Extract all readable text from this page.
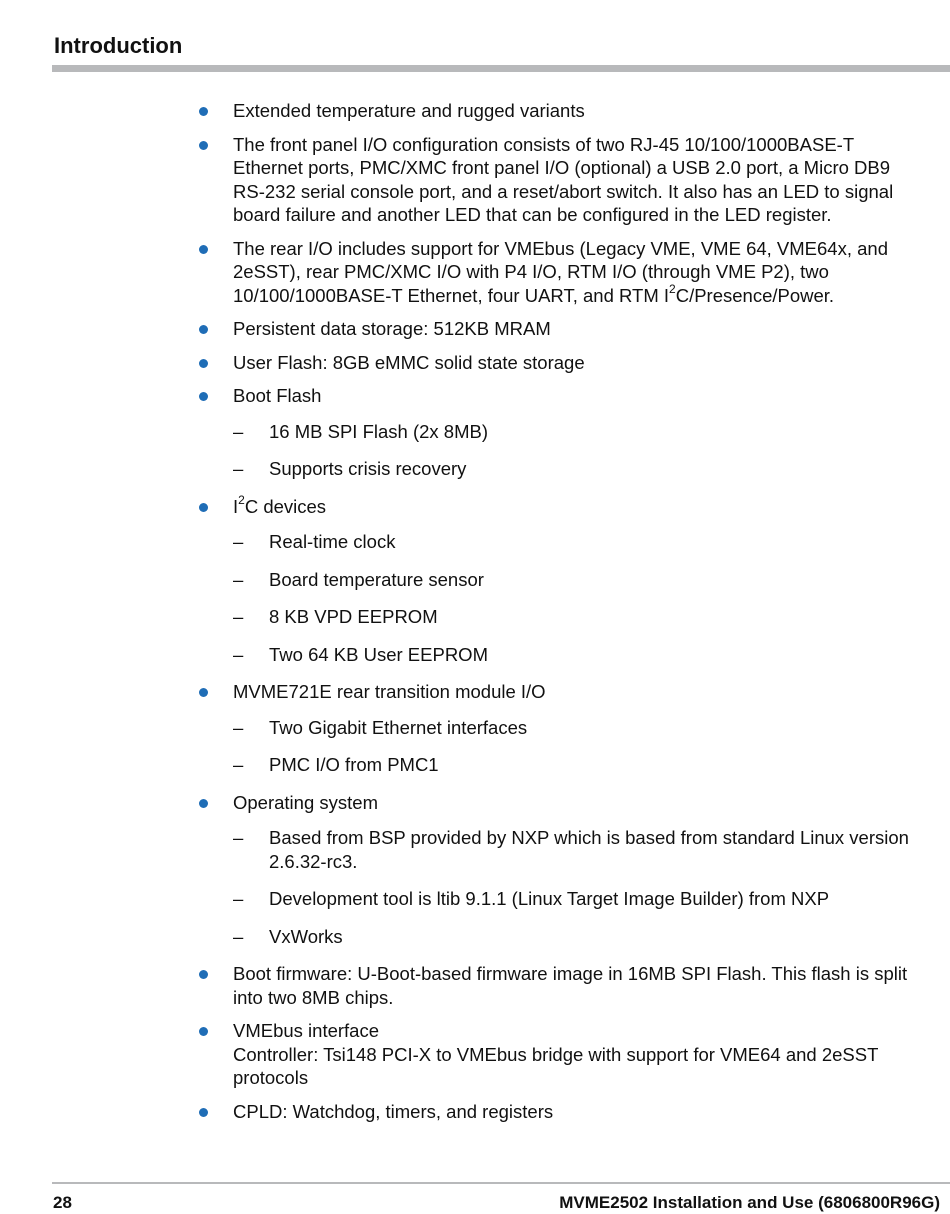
Introduction
Extended temperature and rugged variants
The front panel I/O configuration consists of two RJ-45 10/100/1000BASE-T
Ethernet ports, PMC/XMC front panel I/O (optional) a USB 2.0 port, a Micro DB9
RS-232 serial console port, and a reset/abort switch. It also has an LED to signal
board failure and another LED that can be configured in the LED register.
The rear I/O includes support for VMEbus (Legacy VME, VME 64, VME64x, and
2eSST), rear PMC/XMC I/O with P4 I/O, RTM I/O (through VME P2), two
10/100/1000BASE-T Ethernet, four UART, and RTM $I^2C/Presence$/Power.
Persistent data storage: 512KB MRAM
User Flash: 8GB eMMC solid state storage
Boot Flash
– 16 MB SPI Flash (2x 8MB)
– Supports crisis recovery
$I^2C$ devices
– Real-time clock
– Board temperature sensor
– 8 KB VPD EEPROM
– Two 64 KB User EEPROM
MVME721E rear transition module I/O
– Two Gigabit Ethernet interfaces
– PMC I/O from PMC1
Operating system
– Based from BSP provided by NXP which is based from standard Linux version
2.6.32-rc3.
– Development tool is ltib 9.1.1 (Linux Target Image Builder) from NXP
– VxWorks
Boot firmware: U-Boot-based firmware image in 16MB SPI Flash. This flash is split
into two 8MB chips.
VMEbus interface
Controller: Tsi148 PCI-X to VMEbus bridge with support for VME64 and 2eSST
protocols
CPLD: Watchdog, timers, and registers
28	MVME2502 Installation and Use (6806800R96G)
